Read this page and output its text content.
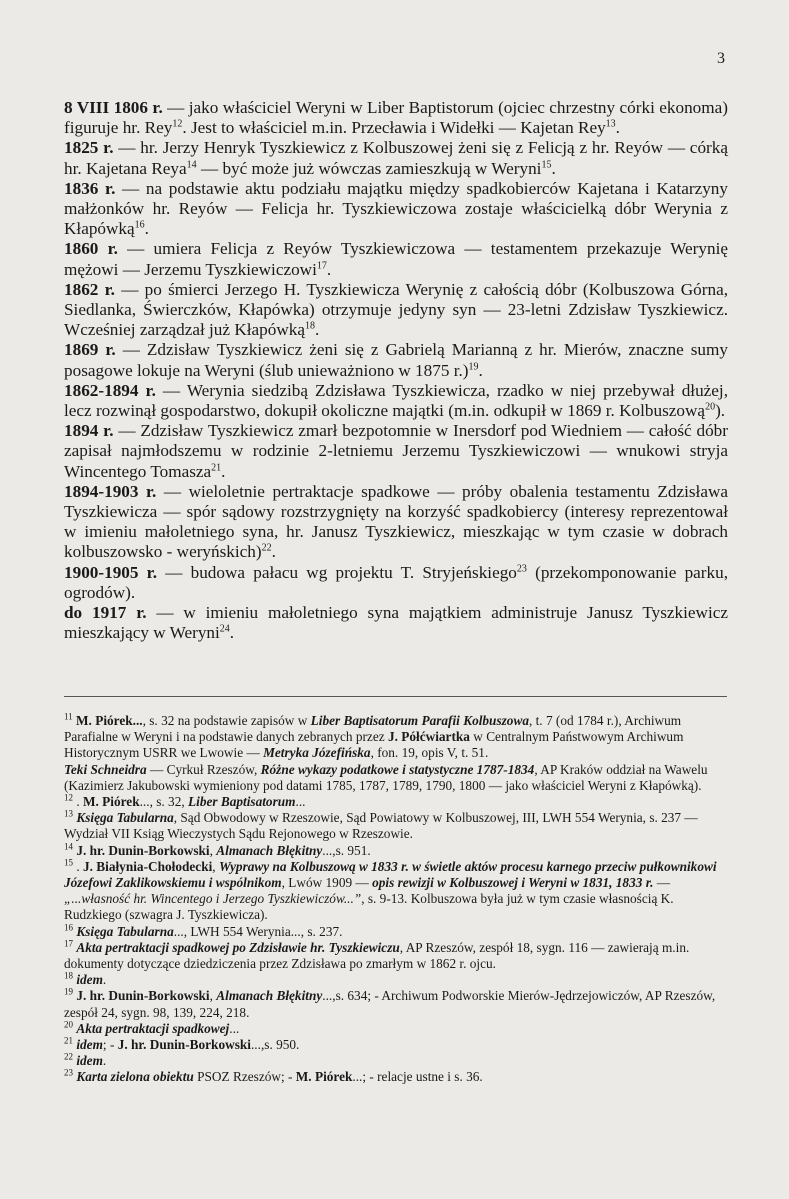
3

8 VIII 1806 r. — jako właściciel Weryni w Liber Baptistorum (ojciec chrzestny córki ekonoma) figuruje hr. Rey$^{12}$. Jest to właściciel m.in. Przecławia i Widełki — Kajetan Rey$^{13}$.

1825 r. — hr. Jerzy Henryk Tyszkiewicz z Kolbuszowej żeni się z Felicją z hr. Reyów — córką hr. Kajetana Reya$^{14}$ — być może już wówczas zamieszkują w Weryni$^{15}$.

1836 r. — na podstawie aktu podziału majątku między spadkobierców Kajetana i Katarzyny małżonków hr. Reyów — Felicja hr. Tyszkiewiczowa zostaje właścicielką dóbr Werynia z Kłapówką$^{16}$.

1860 r. — umiera Felicja z Reyów Tyszkiewiczowa — testamentem przekazuje Werynię mężowi — Jerzemu Tyszkiewiczowi$^{17}$.

1862 r. — po śmierci Jerzego H. Tyszkiewicza Werynię z całością dóbr (Kolbuszowa Górna, Siedlanka, Świerczków, Kłapówka) otrzymuje jedyny syn — 23-letni Zdzisław Tyszkiewicz. Wcześniej zarządzał już Kłapówką$^{18}$.

1869 r. — Zdzisław Tyszkiewicz żeni się z Gabrielą Marianną z hr. Mierów, znaczne sumy posagowe lokuje na Weryni (ślub unieważniono w 1875 r.)$^{19}$.

1862-1894 r. — Werynia siedzibą Zdzisława Tyszkiewicza, rzadko w niej przebywał dłużej, lecz rozwinął gospodarstwo, dokupił okoliczne majątki (m.in. odkupił w 1869 r. Kolbuszową$^{20}$).

1894 r. — Zdzisław Tyszkiewicz zmarł bezpotomnie w Inersdorf pod Wiedniem — całość dóbr zapisał najmłodszemu w rodzinie 2-letniemu Jerzemu Tyszkiewiczowi — wnukowi stryja Wincentego Tomasza$^{21}$.

1894-1903 r. — wieloletnie pertraktacje spadkowe — próby obalenia testamentu Zdzisława Tyszkiewicza — spór sądowy rozstrzygnięty na korzyść spadkobiercy (interesy reprezentował w imieniu małoletniego syna, hr. Janusz Tyszkiewicz, mieszkając w tym czasie w dobrach kolbuszowsko - weryńskich)$^{22}$.

1900-1905 r. — budowa pałacu wg projektu T. Stryjeńskiego$^{23}$ (przekomponowanie parku, ogrodów).

do 1917 r. — w imieniu małoletniego syna majątkiem administruje Janusz Tyszkiewicz mieszkający w Weryni$^{24}$.

$^{11}$ M. Piórek..., s. 32 na podstawie zapisów w Liber Baptisatorum Parafii Kolbuszowa, t. 7 (od 1784 r.), Archiwum Parafialne w Weryni i na podstawie danych zebranych przez J. Półćwiartka w Centralnym Państwowym Archiwum Historycznym USRR we Lwowie — Metryka Józefińska, fon. 19, opis V, t. 51.

Teki Schneidra — Cyrkuł Rzeszów, Różne wykazy podatkowe i statystyczne 1787-1834, AP Kraków oddział na Wawelu (Kazimierz Jakubowski wymieniony pod datami 1785, 1787, 1789, 1790, 1800 — jako właściciel Weryni z Kłapówką).

$^{12}$ . M. Piórek..., s. 32, Liber Baptisatorum...

$^{13}$ Księga Tabularna, Sąd Obwodowy w Rzeszowie, Sąd Powiatowy w Kolbuszowej, III, LWH 554 Werynia, s. 237 — Wydział VII Ksiąg Wieczystych Sądu Rejonowego w Rzeszowie.

$^{14}$ J. hr. Dunin-Borkowski, Almanach Błękitny...,s. 951.

$^{15}$ . J. Białynia-Chołodecki, Wyprawy na Kolbuszową w 1833 r. w świetle aktów procesu karnego przeciw pułkownikowi Józefowi Zaklikowskiemu i wspólnikom, Lwów 1909 — opis rewizji w Kolbuszowej i Weryni w 1831, 1833 r. — „...własność hr. Wincentego i Jerzego Tyszkiewiczów...”, s. 9-13. Kolbuszowa była już w tym czasie własnością K. Rudzkiego (szwagra J. Tyszkiewicza).

$^{16}$ Księga Tabularna..., LWH 554 Werynia..., s. 237.

$^{17}$ Akta pertraktacji spadkowej po Zdzisławie hr. Tyszkiewiczu, AP Rzeszów, zespół 18, sygn. 116 — zawierają m.in. dokumenty dotyczące dziedziczenia przez Zdzisława po zmarłym w 1862 r. ojcu.

$^{18}$ idem.

$^{19}$ J. hr. Dunin-Borkowski, Almanach Błękitny...,s. 634; - Archiwum Podworskie Mierów-Jędrzejowiczów, AP Rzeszów, zespół 24, sygn. 98, 139, 224, 218.

$^{20}$ Akta pertraktacji spadkowej...

$^{21}$ idem; - J. hr. Dunin-Borkowski...,s. 950.

$^{22}$ idem.

$^{23}$ Karta zielona obiektu PSOZ Rzeszów; - M. Piórek...; - relacje ustne i s. 36.
